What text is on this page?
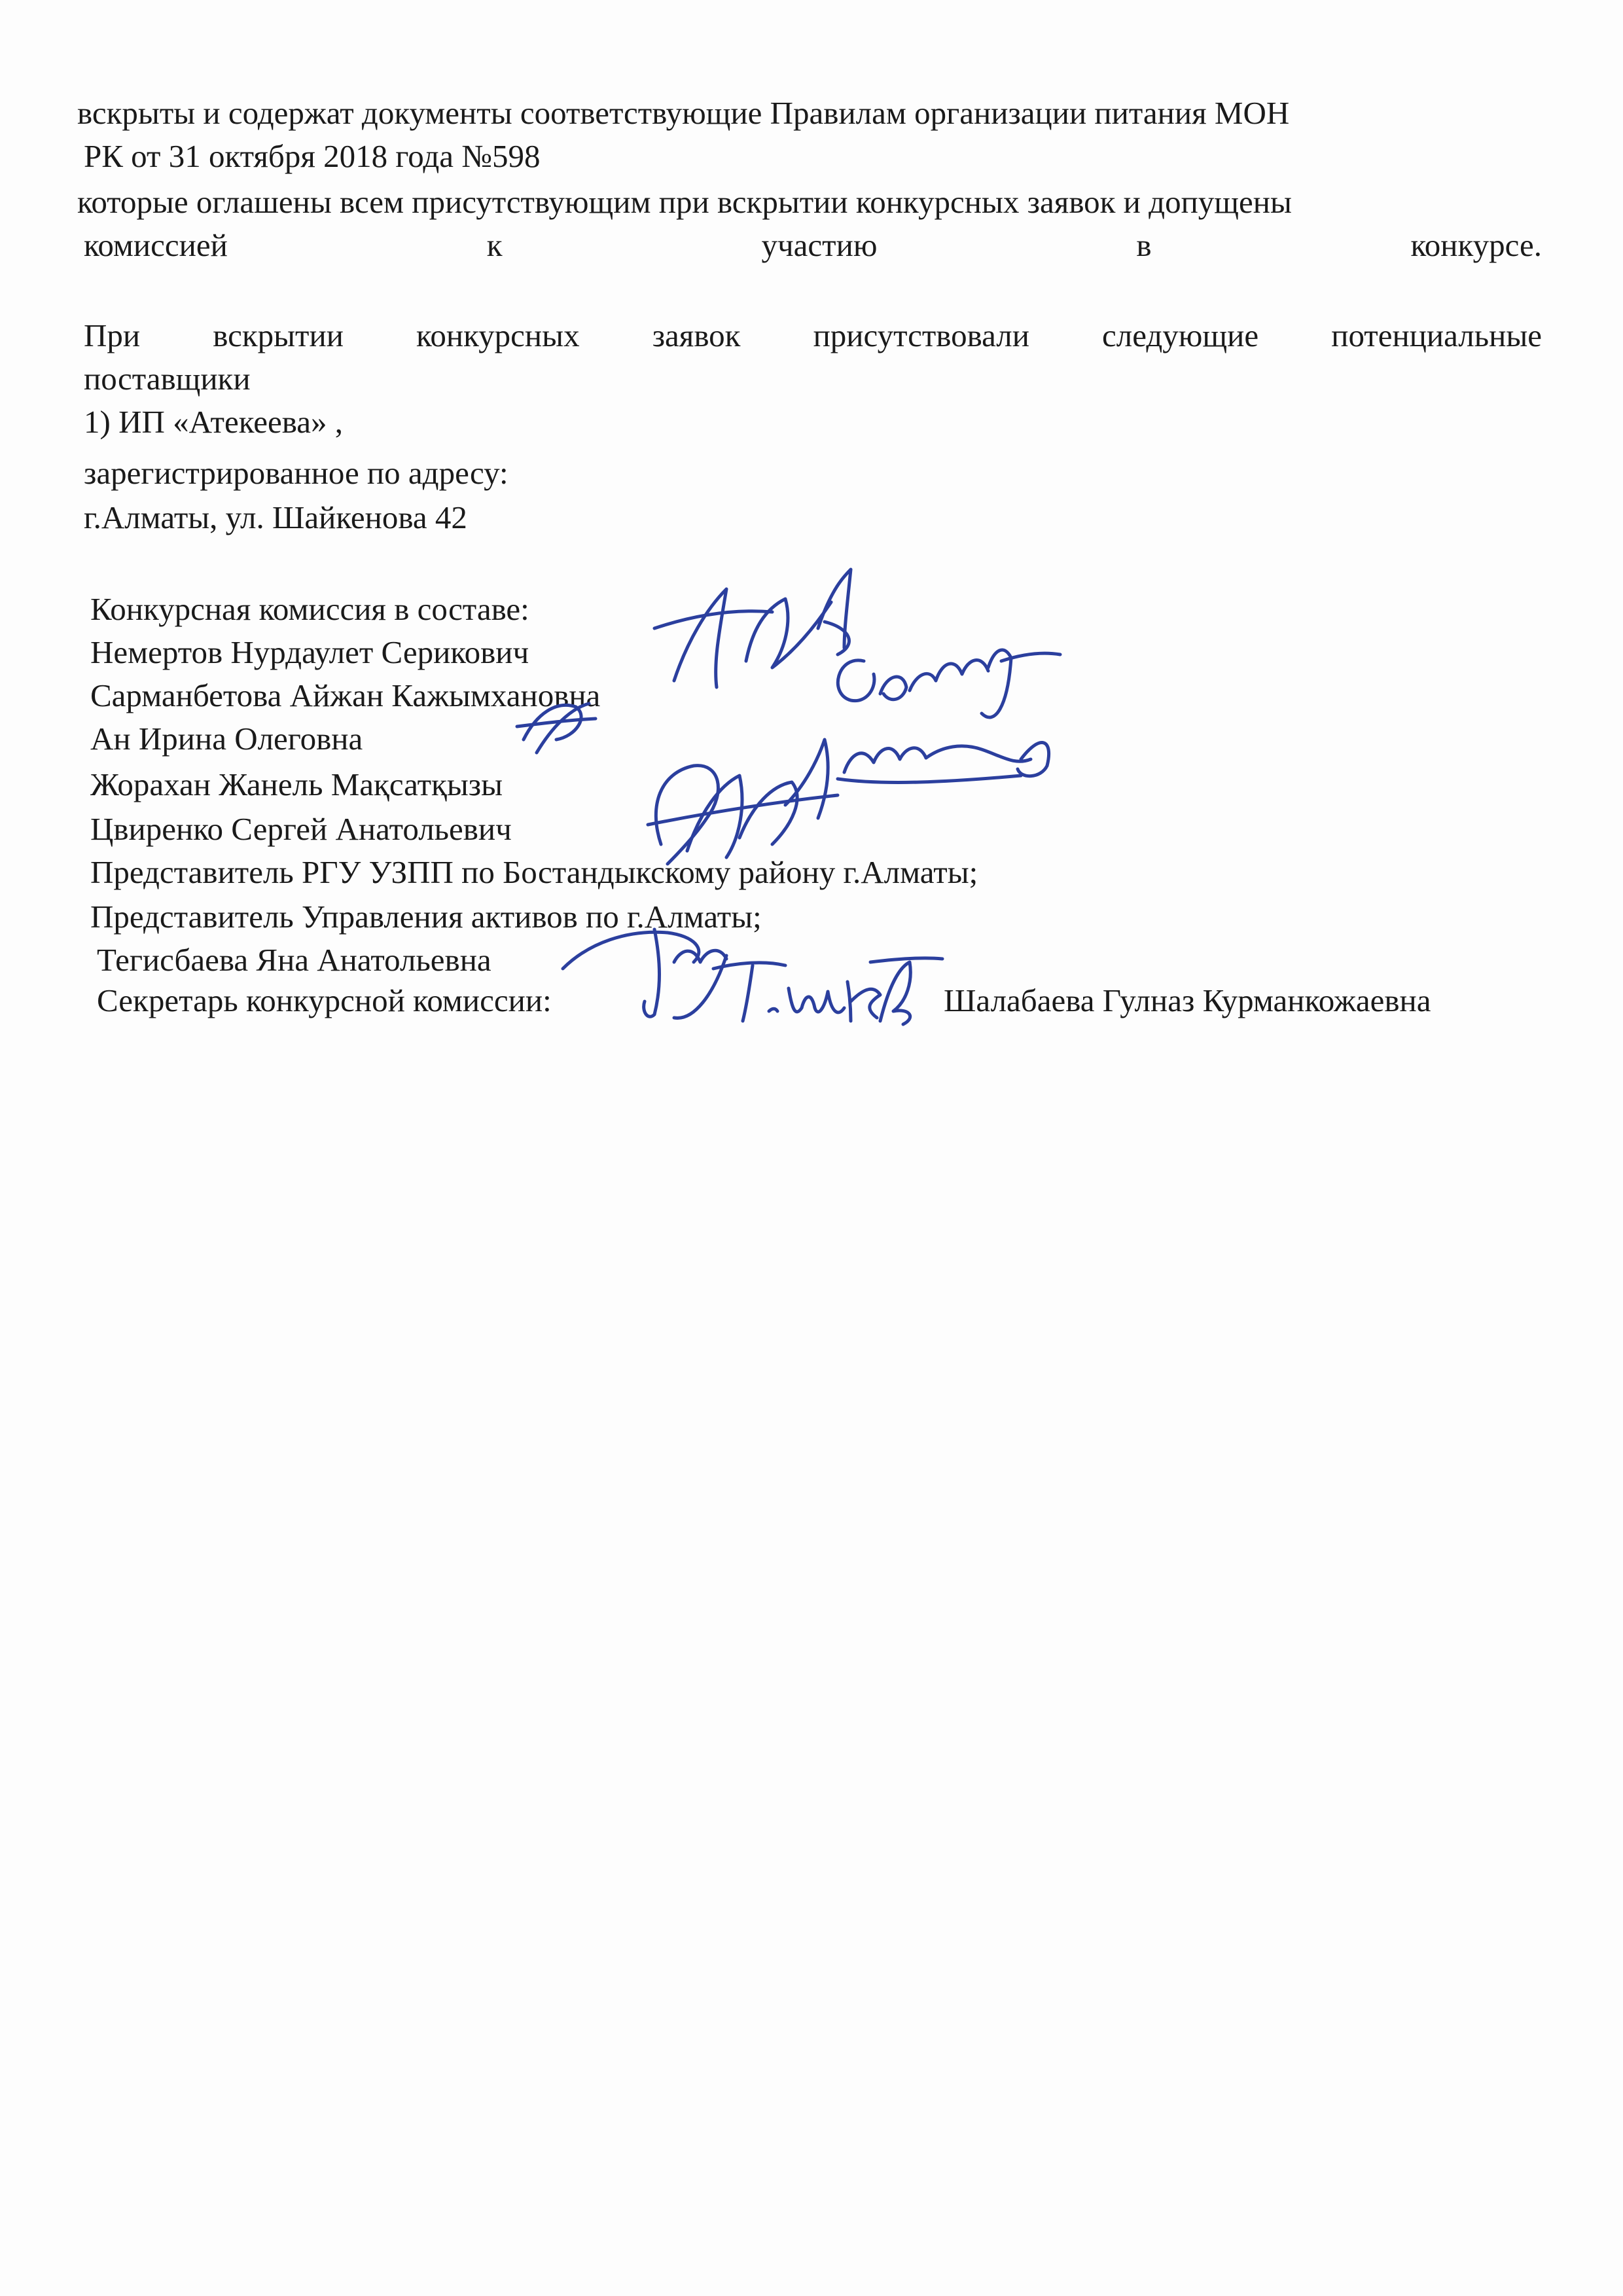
вскрыты и содержат документы соответствующие Правилам организации питания МОН
РК от 31 октября 2018 года №598
которые оглашены всем присутствующим при вскрытии конкурсных заявок и допущены
комиссией к участию в конкурсе.
При вскрытии конкурсных заявок присутствовали следующие потенциальные
поставщики
1) ИП «Атекеева» ,
зарегистрированное по адресу:
г.Алматы, ул. Шайкенова 42
Конкурсная комиссия в составе:
Немертов Нурдаулет Серикович
Сарманбетова Айжан Кажымхановна
Ан Ирина Олеговна
Жорахан Жанель Мақсатқызы
Цвиренко Сергей Анатольевич
Представитель РГУ УЗПП по Бостандыкскому району г.Алматы;
Представитель Управления активов по г.Алматы;
Тегисбаева Яна Анатольевна
Секретарь конкурсной комиссии:	Шалабаева Гулназ Курманкожаевна
